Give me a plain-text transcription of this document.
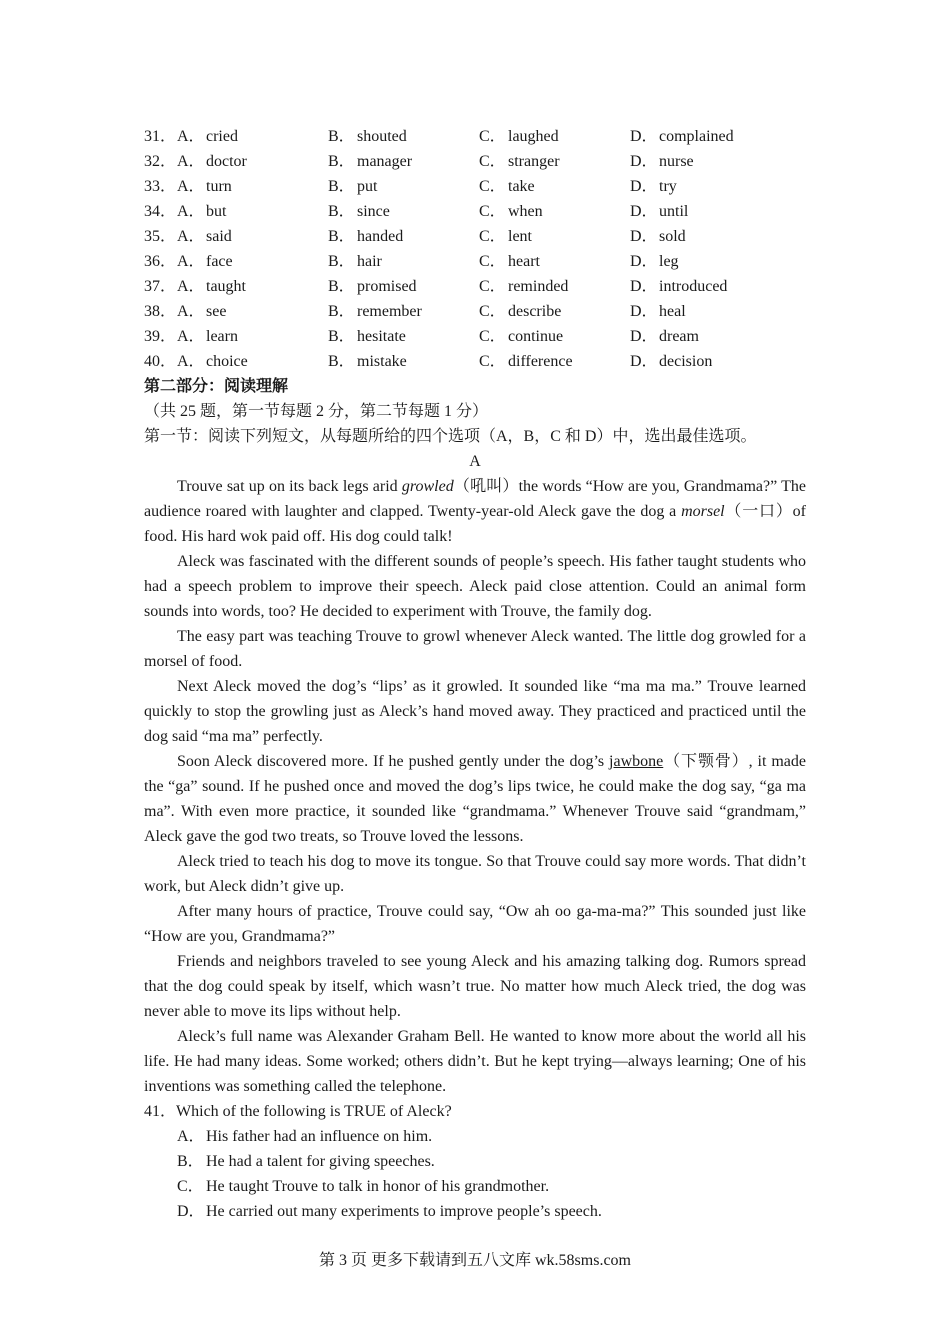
31． A． cried	B． shouted	C． laughed	D． complained
32． A． doctor	B． manager	C． stranger	D． nurse
33． A． turn	B． put	C． take	D． try
34． A． but	B． since	C． when	D． until
35． A． said	B． handed	C． lent	D． sold
36． A． face	B． hair	C． heart	D． leg
37． A． taught	B． promised	C． reminded	D． introduced
38． A． see	B． remember	C． describe	D． heal
39． A． learn	B． hesitate	C． continue	D． dream
40． A． choice	B． mistake	C． difference	D． decision
第二部分：阅读理解
（共 25 题，第一节每题 2 分，第二节每题 1 分）
第一节：阅读下列短文，从每题所给的四个选项（A，B，C 和 D）中，选出最佳选项。
A

Trouve sat up on its back legs arid growled（吼叫）the words “How are you, Grandmama?” The audience roared with laughter and clapped. Twenty-year-old Aleck gave the dog a morsel（一口）of food. His hard wok paid off. His dog could talk!

Aleck was fascinated with the different sounds of people’s speech. His father taught students who had a speech problem to improve their speech. Aleck paid close attention. Could an animal form sounds into words, too? He decided to experiment with Trouve, the family dog.

The easy part was teaching Trouve to growl whenever Aleck wanted. The little dog growled for a morsel of food.

Next Aleck moved the dog’s “lips’ as it growled. It sounded like “ma ma ma.” Trouve learned quickly to stop the growling just as Aleck’s hand moved away. They practiced and practiced until the dog said “ma ma” perfectly.

Soon Aleck discovered more. If he pushed gently under the dog’s jawbone（下颚骨）, it made the “ga” sound. If he pushed once and moved the dog’s lips twice, he could make the dog say, “ga ma ma”. With even more practice, it sounded like “grandmama.” Whenever Trouve said “grandmam,” Aleck gave the god two treats, so Trouve loved the lessons.

Aleck tried to teach his dog to move its tongue. So that Trouve could say more words. That didn’t work, but Aleck didn’t give up.

After many hours of practice, Trouve could say, “Ow ah oo ga-ma-ma?” This sounded just like “How are you, Grandmama?”

Friends and neighbors traveled to see young Aleck and his amazing talking dog. Rumors spread that the dog could speak by itself, which wasn’t true. No matter how much Aleck tried, the dog was never able to move its lips without help.

Aleck’s full name was Alexander Graham Bell. He wanted to know more about the world all his life. He had many ideas. Some worked; others didn’t. But he kept trying—always learning; One of his inventions was something called the telephone.

41．Which of the following is TRUE of Aleck?
A． His father had an influence on him.
B． He had a talent for giving speeches.
C． He taught Trouve to talk in honor of his grandmother.
D． He carried out many experiments to improve people’s speech.
第 3 页 更多下载请到五八文库 wk.58sms.com
